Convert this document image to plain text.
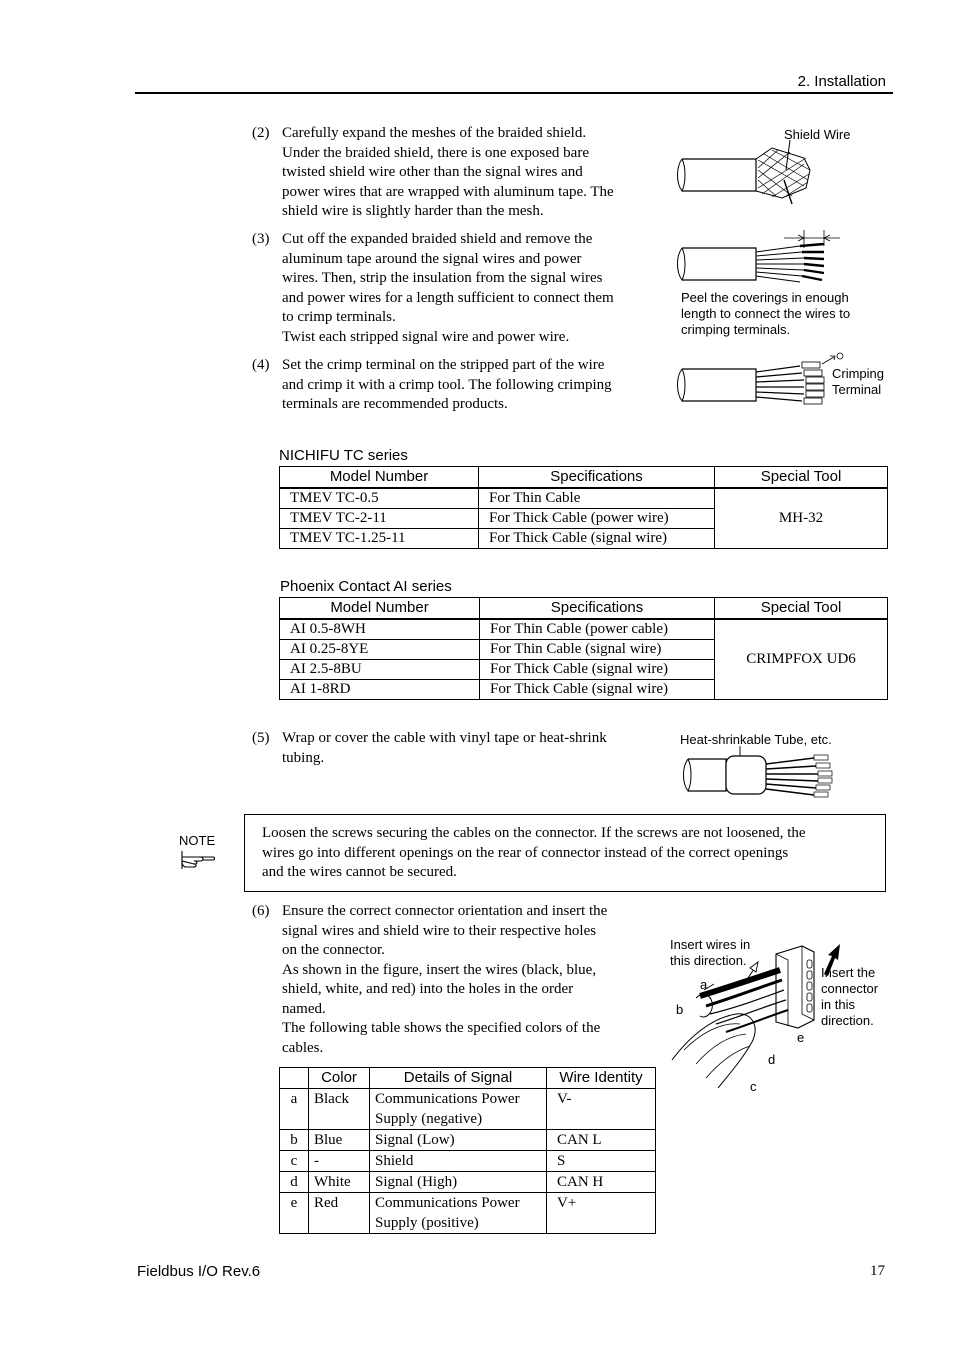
2. Installation
(2) Carefully expand the meshes of the braided shield.
Under the braided shield, there is one exposed bare
twisted shield wire other than the signal wires and
power wires that are wrapped with aluminum tape. The
shield wire is slightly harder than the mesh.
(3) Cut off the expanded braided shield and remove the
aluminum tape around the signal wires and power
wires. Then, strip the insulation from the signal wires
and power wires for a length sufficient to connect them
to crimp terminals.
Twist each stripped signal wire and power wire.
(4) Set the crimp terminal on the stripped part of the wire
and crimp it with a crimp tool. The following crimping
terminals are recommended products.
Shield Wire
Peel the coverings in enough
length to connect the wires to
crimping terminals.
Crimping
Terminal
NICHIFU TC series
Model Number	Specifications	Special Tool
TMEV TC-0.5	For Thin Cable	MH-32
TMEV TC-2-11	For Thick Cable (power wire)	
TMEV TC-1.25-11	For Thick Cable (signal wire)	
Phoenix Contact AI series
Model Number	Specifications	Special Tool
AI 0.5-8WH	For Thin Cable (power cable)	CRIMPFOX UD6
AI 0.25-8YE	For Thin Cable (signal wire)	
AI 2.5-8BU	For Thick Cable (signal wire)	
AI 1-8RD	For Thick Cable (signal wire)	
(5) Wrap or cover the cable with vinyl tape or heat-shrink
tubing.
Heat-shrinkable Tube, etc.
NOTE	Loosen the screws securing the cables on the connector. If the screws are not loosened, the
wires go into different openings on the rear of connector instead of the correct openings
and the wires cannot be secured.
(6) Ensure the correct connector orientation and insert the
signal wires and shield wire to their respective holes
on the connector.
As shown in the figure, insert the wires (black, blue,
shield, white, and red) into the holes in the order
named.
The following table shows the specified colors of the
cables.
Insert wires in
this direction.
Insert the
connector
in this
direction.
a
b
c
d
e
	Color	Details of Signal	Wire Identity
a	Black	Communications Power Supply (negative)	V-
b	Blue	Signal (Low)	CAN L
c	-	Shield	S
d	White	Signal (High)	CAN H
e	Red	Communications Power Supply (positive)	V+
Fieldbus I/O Rev.6	17
